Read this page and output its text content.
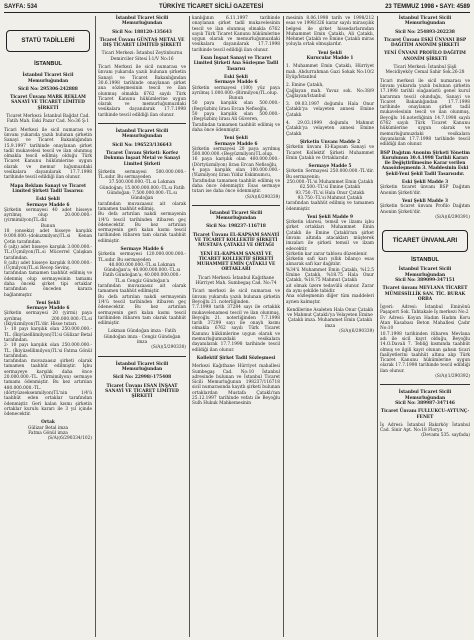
SAYFA: 534	TÜRKİYE TİCARET SİCİLİ GAZETESİ	23 TEMMUZ 1998 • SAYI: 4589
STATÜ TADİLLERİ
İSTANBUL

İstanbul Ticaret Sicil Memurluğundan

Sicil No: 295306-242888

Ticaret Ünvanı MARK REKLAM SANAYİ VE TİCARET LİMİTED ŞİRKETİ

Ticaret Merkezi: İstanbul Bağdat Cad. Fatih Mah. Eski Pazar Cad. No:36 Ş:1

Ticari Merkezi ile sicil numarası ve ünvanı yukarıda yazılı bulunan şirketin Sanayi ve Ticaret Bakanlığından 15.9.1997 tarihinde onaylanan şirket tadil mukavelesi tescil ve ilan olunmuş olmakla tescil edilmiş olduğu Türk Ticaret Kanunu hükümlerine uygun olarak ve memur luğumuzdaki vesikalara dayanılarak 17.7.1998 tarihinde tescil edildiği ilan olunur.

Mapa Reklam Sanayi ve Ticaret Limited Şirketi Tadil Tasarısı:

Eski Şekli

Sermaye Madde 6

Şirketin sermayesi 40 adet hisseye ayrılmış olup 20.000.000.-(yirmimilyon)TL.dir.

Bunun

18 (onsekiz) adet hisseye karşılık 9.000.000.-(dokuzmilyon)TL.si Kenan Çetin tarafından.

6 (altı) adet hisseye karşılık 3.000.000.-TL.(Üçmilyon)TL.si Mücerrel Çalışkan tarafından.

8 (altı) adet hisseye karşılık 8.000.000.-(Üçmilyon)TL.si Recep Sevinç.

tarafından tamamen taahhüt edilmiş ve ödenmiş olup sermayesinin tamamı daha önceki şirket tipi ortaklar tarafından önceden karara bağlanmıştır.

Yeni Şekli

Sermaye Madde 6

Şirketin sermayesi 20 (yirmi) paya ayrılmış 200.000.000.-TL.si (İkiyüzmilyon)TL'dir. Hisse tutarı.

1- 10 payı karşılık olan 250.000.000.-TL. (İkiyüzelllimilyon)TL'si Gülizar Betal tarafından.

2- 10 payı karşılık olan 250.000.000.-TL. (İkiyüzelllimilyon)TL'si Fatma Gönül tarafından.

tarafından muvazaasız şirketi olarak tamamen taahhüt edilmiştir. İşbu sermayeye karşılık daha önce 20.000.000.-TL. (Yirmimilyon) sermaye tamamı ödenmiştir. Bu kez artırılan 480.000.000.-TL. (dörtyüzseksenmilyon)TL'nin 1/4'ü taahhüt eden ortaklar tarafından ödenmiştir. Geri kalan kısmı şirketin ortaklar kurulu kararı ile 3 yıl içinde ödenecektir.

Ortak

Gülizar Betal imza

Fatma Gönül imza

(S/A)(6/290334/102)

İstanbul Ticaret Sicili Memurluğundan

Sicil No: 188120-135643

Ticaret Ünvanı GÜNTAŞ METAL VE DIŞ TİCARET LİMİTED ŞİRKETİ

Ticari Merkezi: İstanbul Zeytinburnu Demirciler Sitesi İ:1/V No:16

Ticari Merkezi ile sicil numarası ve ünvanı yukarıda yazılı bulunan şirketin Sanayi ve Ticaret Bakanlığından 30.6.1998 tarihinde onaylanan şirket ana sözleşmesinin tescil ve ilan olunmuş olmakla 6762 sayılı Türk Ticaret Kanunu hükümlerine uygun olarak ve memurluğumuzdaki vesikalara dayanılarak 17.7.1998 tarihinde tescil edildiği ilan olunur.

İstanbul Ticaret Sicili Memurluğundan

Sicil No: 196523/136643

Ticaret Ünvanı Şirketi: Korfez Dokuma İnşaat Metal ve Sanayi Limited Şirketi

Şirketin sermayesi 500.000.000.-TL.sıdır. Bu sermayeden

37.500.000.000.-TL.sı Lokman Gündoğan; 15.000.000.000.-TL.sı Fatih Gündoğan; 7.500.000.000.-TL.sı Gündoğan

tarafından muvazaasız ait olarak tamamen taahhüt edilmiş.

Bu defa artırılan nakdi sermayenin 1/4'ü tescil tarihinden itibaren geç ödenecektir. Bu kez artırılan sermayenin geri kalan kısmı tescil tarihinden itibaren tam olarak taahhüt edilmiştir.

Sermaye Madde 6

Şirketin sermayesi 120.000.000.000.-TL.sıdır. Bu sermayeden

40.000.000.000.-TL.sı Lokman Gündoğan'a; 40.000.000.000.-TL.sı Fatih Gündoğan'a; 40.000.000.000.-TL.sı Cengiz Gündoğan'a

tarafından muvazaasız ait olarak tamamen taahhüt edilmiştir.

Bu defa artırılan nakdi sermayenin 1/4'ü tescil tarihinden itibaren geç ödenecektir. Bu kez artırılan sermayenin geri kalan kısmı tescil tarihinden itibaren tam olarak taahhüt edilmiştir.

Lokman Gündoğan imza · Fatih Gündoğan imza · Cengiz Gündoğan imza

(S/A)(5/290330)

İstanbul Ticaret Sicili Memurluğundan

Sicil No: 22998/-175408

Ticaret Ünvanı ESAN İNŞAAT SANAYİ VE TİCARET LİMİTED ŞİRKETİ

kanlığının 6.11.1997 tarihinde onaylanan şirket tadil mukavelesinin tescil ve ilan olunmuş olmakla 6762 sayılı Türk Ticaret Kanunu hükümlerine uygun olarak ve memurluğumuzdaki vesikalara dayanılarak 17.7.1998 tarihinde tescil edildiği ilan olunur.

Esan İnşaat Sanayi ve Ticaret Limited Şirketi Ana Sözleşme Tadil Tasarısı

Eski Şekli

Sermaye Madde 6

Şirketin sermayesi (100) yüz paya ayrılmış 1.000.000.-(Birmilyon)TL.olup.

Bunun

50 paya karşılık olan 500.000.-(Beşyüzbin) lirası Ercan Nefisoğlu,

50 paya karşılık olan 500.000.-(Beşyüzbin) lirası Ali Güveren,

Tarafından tamamen taahhüt edilmiş ve daha önce ödenmiştir.

Yeni Şekli

Sermaye Madde 6

Şirketin sermayesi 20 paya ayrılmış 500.000.000.-(Beşyüzmilyon)TL.olup.

16 paya karşılık olan 400.000.000.-(Dörtyüzmilyon) lirası Ercan Nefisoğlu,

4 paya karşılık olan 100.000.000.-(Yüzmilyon) lirası Yıldız Eskimumcu,

Tarafından tamamen taahhüt edilmiş ve daha önce ödenmiştir. Esas sermaye tutarı ise daha önce ödenmiştir.

(S/A)(6/290339)

İstanbul Ticaret Sicili Memurluğundan

Sicil No: 198237-116718

Ticaret Ünvanı EL-KAPSAM SANAYİ VE TİCARET KOLLEKTİF ŞİRKETİ MUSTAFA ÇATAKLI VE ORTAĞI

YENİ EL-KAPSAM SANAYİ VE TİCARET KOLLEKTİF ŞİRKETİ MUHAMMET EMİN ÇATAKLI VE ORTAKLARI

Ticari Merkezi: İstanbul Kağıthane Hürriyet Mah. Sumbegaş Cad. No:74

Ticari merkezi ile sicil numarası ve ünvanı yukarıda yazılı bulunan şirketin Beyoğlu 21. noterliğinden.

7.7.1998 tarih 37284 sayı ile ortaklık mukavelenamesi tescil ve ilan olunmuş, Beyoğlu 21. noterliğinden 7.7.1998 tarih 37299 sayı ile onaylı kısmı olmakla 6762 sayılı Türk Ticaret Kanunu hükümlerine uygun olarak ve memurluğumuzdaki vesikalara dayanılarak 17.7.1998 tarihinde tescil edildiği ilan olunur.

Kollektif Şirket Tadil Sözleşmesi

Merkezi Kağıthane Hürriyet mahallesi Sumbegaş Cad. No:10 İstanbul adresinde bulunan ve İstanbul Ticaret Sicili Memurluğunun 198237/116718 sicil numarasında kayıtlı şirketi bulunan ortaklardan Mustafa Çataklı'nın 25.12.1997 tarihinde vefatı ile Beyoğlu Sulh Hukuk Mahkemesinin

mesinin 8.06.1998 tarih ve 1998/212 esas ve 1998/326 karar sayılı mirasçılık belgesi ile şirket hissedarlarından Muhammet Emin Çataklı, Ali Çataklı, Mehmet Çataklı ve Emine Çataklı miras yoluyla ortak olmuşlardır.

Yeni Şekli

Kurucular Madde 1

1. Muhammet Emin Çataklı, Hürriyet mah. Abdurrahman Gazi Sokak No:10/2 Eyüp/İstanbul

2. Emine Çataklı,

Çağlayan mah. Yavuz sok. No:38/9 Çağlayan/İstanbul

3. 09.03.1997 doğumlu Hala Onur Çataklı'ya velayeten annesi Emine Çataklı

4. 29.03.1999 doğumlu Mahmut Çataklı'ya velayeten annesi Emine Çataklı

Şirketin Unvanı Madde 2

Şirketin ünvanı El-Kapsam Sanayi ve Ticaret Kollektif Şirketi Muhammet Emin Çataklı ve Ortaklarıdır.

Sermaye Madde 5

Şirketin Sermayesi 250.000.000.-TL'dir. Bu sermayenin;

250.000.-TL'si Muhammet Emin Çataklı

62.500.-TL'si Emine Çataklı

93.750.-TL'si Hala Onur Çataklı

93.750.-TL'si Mahmut Çataklı

tarafından taahhüt edilmiş ve tamamen ödenmiştir.

Yeni Şekli Madde 9

Şirketin idaresi, temsil ve ilzamı işbu şirket ortakları Muhammet Emin Çataklı ile Emine Çataklı'nın şirket ünvanı altında atacakları müşterek imzaları ile şirketi temsil ve ilzam edecektir.

Şirketin kar zarar tablosu düzenlenir.

Şirketin safi karı yıllık bilanço esas alınarak safi kar dağıtılır.

%34'ü Muhammet Emin Çataklı, %12.5 Emine Çataklı, %18.75 Hala Onur Çataklı, %18.75 Mahmut Çataklı

ait olmak üzere tedavülü olunur. Zarar da aynı şekilde tabidir.

Ana sözleşmenin diğer tüm maddeleri aynen kalmıştır.

Kendilerine Asaleten Hala Onur Çataklı ve Mahmut Çataklı'ya Velayeten Emine Çataklı imza. Muhammet Emin Çataklı imza

(S/A)(6/290339)

İstanbul Ticaret Sicili Memurluğundan

Sicil No: 254893-202238

Ticaret Ünvanı ESKİ ÜNVANI BSP DAĞITIM ANONİM ŞİRKETİ

YENİ ÜNVANI PROFİLO DAĞITIM ANONİM ŞİRKETİ

Ticari Merkezi: İstanbul Şişli Mecidiyeköy Cemal Sahir Sok.26-28

Ticari merkezi ile sicil numarası ve ünvanı yukarıda yazılı bulunan şirketin 17.1998 tarihli olağanüstü genel kurul kararının tescil olunduğu, Sanayi ve Ticaret Bakanlığından 17.7.1998 tarihinde onaylanan şirket tadil mukavelesinin tescil ve ilan olunmuş, Beyoğlu 16.noterliğinin 14.7.1998 sayılı 6762 sayılı Türk Ticaret Kanunu hükümlerine uygun olarak ve memurluğumuzdaki vesikalara dayanılarak 17.7.1998 tarihinde tescil edildiği ilan olunur.

BSP Dağıtım Anonim Şirketi Yönetim Kurulunun 30.4.1998 Tarihli Kararı ile Değiştirilmesine Karar verilen Anasözleşmenin 3. Maddesinin Eski Şekil-Yeni Şekil Tadil Tasarısıdır.

Eski Şekli Madde 3

Şirketin ticaret ünvanı BSP Dağıtım Anonim Şirketi'dir.

Yeni Şekli Madde 3

Şirketin ticaret ünvanı Profilo Dağıtım Anonim Şirketi'dir.

(S/A)(6/290391)

TİCARET ÜNVANLARI
İSTANBUL

İstanbul Ticaret Sicili Memurluğundan

Sicil No: 389099-347151

Ticaret ünvanı MEVLANA TİCARET MÜMESSİLLİK SAN. TİC. BURAK ORBA

İşyeri: Adresi: İstanbul Eminönü Paşaport Sok. Tahtakale İş merkezi No:2

Ev Adresi: Koyun Hadım Hadım Koru Atan Kasabası Beton Mahallesi Çadır No:10

10.7.1998 tarihinden itibaren Mevlana adı ile sicil kayıt olduğu, Beyoğlu 14.O.Davali 7. Tebliğ kısmında taahhüt olmuş ve ilgili kayıt olunan şahsın ticari faaliyetlerini taahhüt altına alıp Türk Ticaret Kanunu hükümlerine uygun olarak 17.7.1998 tarihinde tescil edildiği ilan olunur.

(S/A)(1/290392)

İstanbul Ticaret Sicili Memurluğundan

Sicil No: 389987-347146

Ticaret Ünvanı FULLUKCU-AYTUNÇ-FENET

İş Adresi: İstanbul Bakırköy İstanbul Cad. Sinir Apt. No:18 Florya

(Devamı 535. sayfada)
